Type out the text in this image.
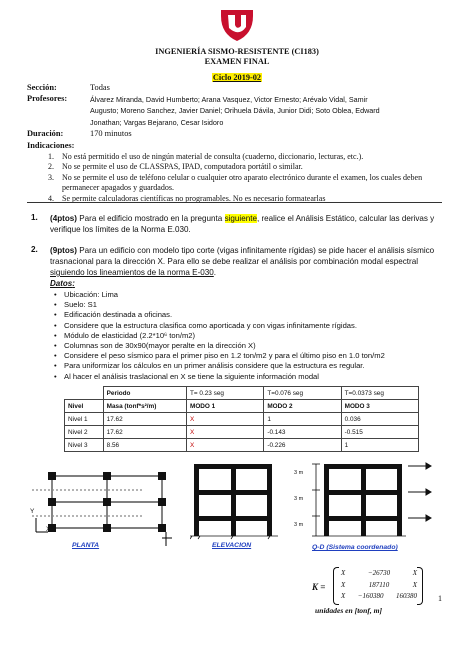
INGENIERÍA SISMO-RESISTENTE (CI183)
EXAMEN FINAL
Ciclo 2019-02
Sección:	Todas
Profesores:	Álvarez Miranda, David Humberto; Arana Vasquez, Victor Ernesto; Arévalo Vidal, Samir
Augusto; Moreno Sanchez, Javier Daniel; Orihuela Dávila, Junior Didi; Soto Oblea, Edward
Jonathan; Vargas Bejarano, Cesar Isidoro
Duración:	170 minutos
Indicaciones:
1. No está permitido el uso de ningún material de consulta (cuaderno, diccionario, lecturas, etc.).
2. No se permite el uso de CLASSPAS, IPAD, computadora portátil o similar.
3. No se permite el uso de teléfono celular o cualquier otro aparato electrónico durante el examen, los cuales deben permanecer apagados y guardados.
4. Se permite calculadoras científicas no programables. No es necesario formatearlas
1. (4ptos) Para el edificio mostrado en la pregunta siguiente, realice el Análisis Estático, calcular las derivas y verifique los límites de la Norma E.030.
2. (9ptos) Para un edificio con modelo tipo corte (vigas infinitamente rígidas) se pide hacer el análisis sísmico trasnacional para la dirección X. Para ello se debe realizar el análisis por combinación modal espectral siguiendo los lineamientos de la norma E-030.
Datos:
• Ubicación: Lima
• Suelo: S1
• Edificación destinada a oficinas.
• Considere que la estructura clasifica como aporticada y con vigas infinitamente rígidas.
• Módulo de elasticidad (2.2*10⁶ ton/m2)
• Columnas son de 30x90(mayor peralte en la dirección X)
• Considere el peso sísmico para el primer piso en 1.2 ton/m2 y para el último piso en 1.0 ton/m2
• Para uniformizar los cálculos en un primer análisis considere que la estructura es regular.
• Al hacer el análisis traslacional en X se tiene la siguiente información modal
	Periodo	T= 0.23 seg	T=0.076 seg	T=0.0373 seg
Nivel	Masa (tonf*s²/m)	MODO 1	MODO 2	MODO 3
Nivel 1	17.62	X	1	0.036
Nivel 2	17.62	X	-0.143	-0.515
Nivel 3	8.56	X	-0.226	1
Y
X
PLANTA	ELEVACION
3 m
3 m
3 m
Q-D (Sistema coordenado)
K =
X	−26730	X
X	187110	X
X −160380 160380
unidades en [tonf, m]
1
